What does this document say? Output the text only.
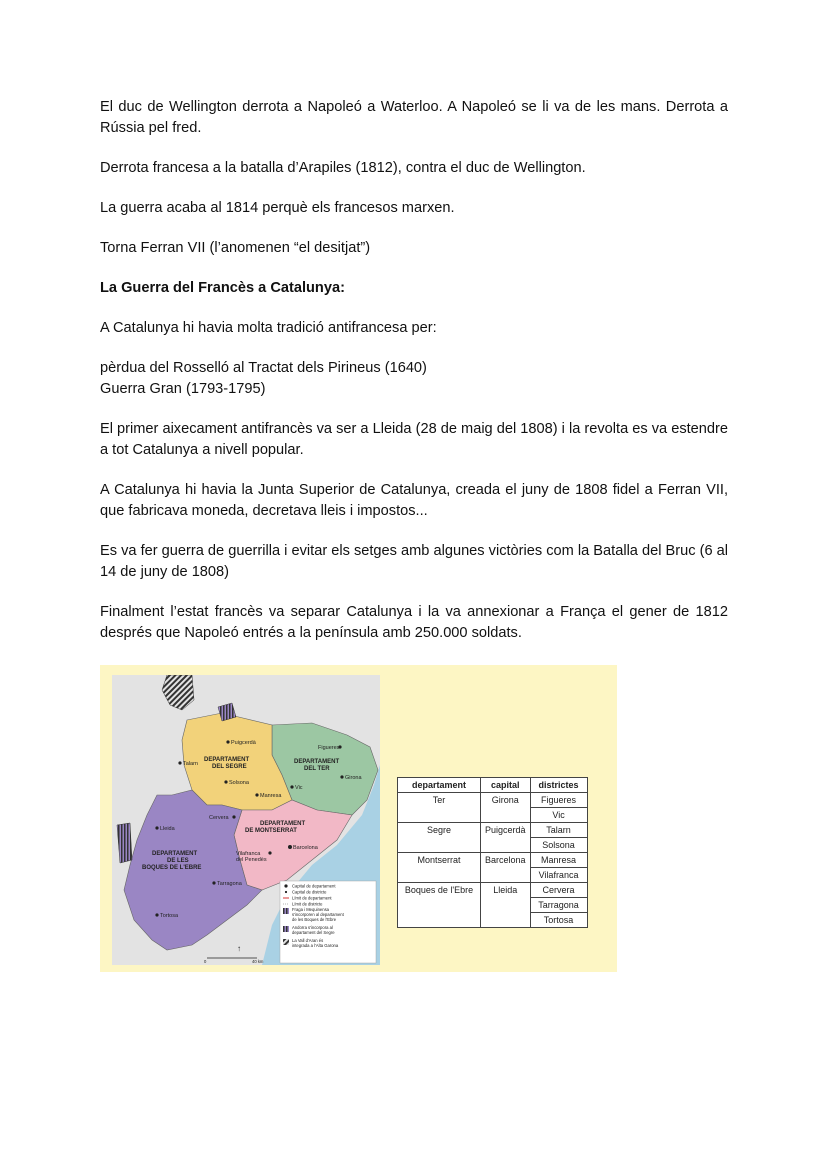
El duc de Wellington derrota a Napoleó a Waterloo. A Napoleó se li va de les mans. Derrota a Rússia pel fred.

Derrota francesa a la batalla d’Arapiles (1812), contra el duc de Wellington.

La guerra acaba al 1814 perquè els francesos marxen.

Torna Ferran VII (l’anomenen “el desitjat”)

La Guerra del Francès a Catalunya:

A Catalunya hi havia molta tradició antifrancesa per:

pèrdua del Rosselló al Tractat dels Pirineus (1640)

Guerra Gran (1793-1795)

El primer aixecament antifrancès va ser a Lleida (28 de maig del 1808) i la revolta es va estendre a tot Catalunya a nivell popular.

A Catalunya hi havia la Junta Superior de Catalunya, creada el juny de 1808 fidel a Ferran VII, que fabricava moneda, decretava lleis i impostos...

Es va fer guerra de guerrilla i evitar els setges amb algunes victòries com la Batalla del Bruc (6 al 14 de juny de 1808)

Finalment l’estat francès va separar Catalunya i la va annexionar a França el gener de 1812 després que Napoleó entrés a la península amb 250.000 soldats.

DEPARTAMENT
DEL SEGRE
DEPARTAMENT
DEL TER
DEPARTAMENT
DE MONTSERRAT
DEPARTAMENT
DE LES
BOQUES DE L'EBRE
Puigcerdà
Talarn
Solsona
Figueres
Girona
Vic
Manresa
Cervera
Lleida
Vilafranca
del Penedès
Barcelona
Tarragona
Tortosa
Capital de departament
Capital de districte
Límit de departament
Límit de districte
Fraga i Mequinensa
s'incorporen al departament
de les Boques de l'Ebre
Andorra s'incorpora al
departament del Segre
La Vall d'Aran és
integrada a l'Alta Garona
↑
0	40 km
departament	capital	districtes
Ter	Girona	Figueres
		Vic
Segre	Puigcerdà	Talarn
		Solsona
Montserrat	Barcelona	Manresa
		Vilafranca
Boques de l'Ebre	Lleida	Cervera
		Tarragona
		Tortosa
